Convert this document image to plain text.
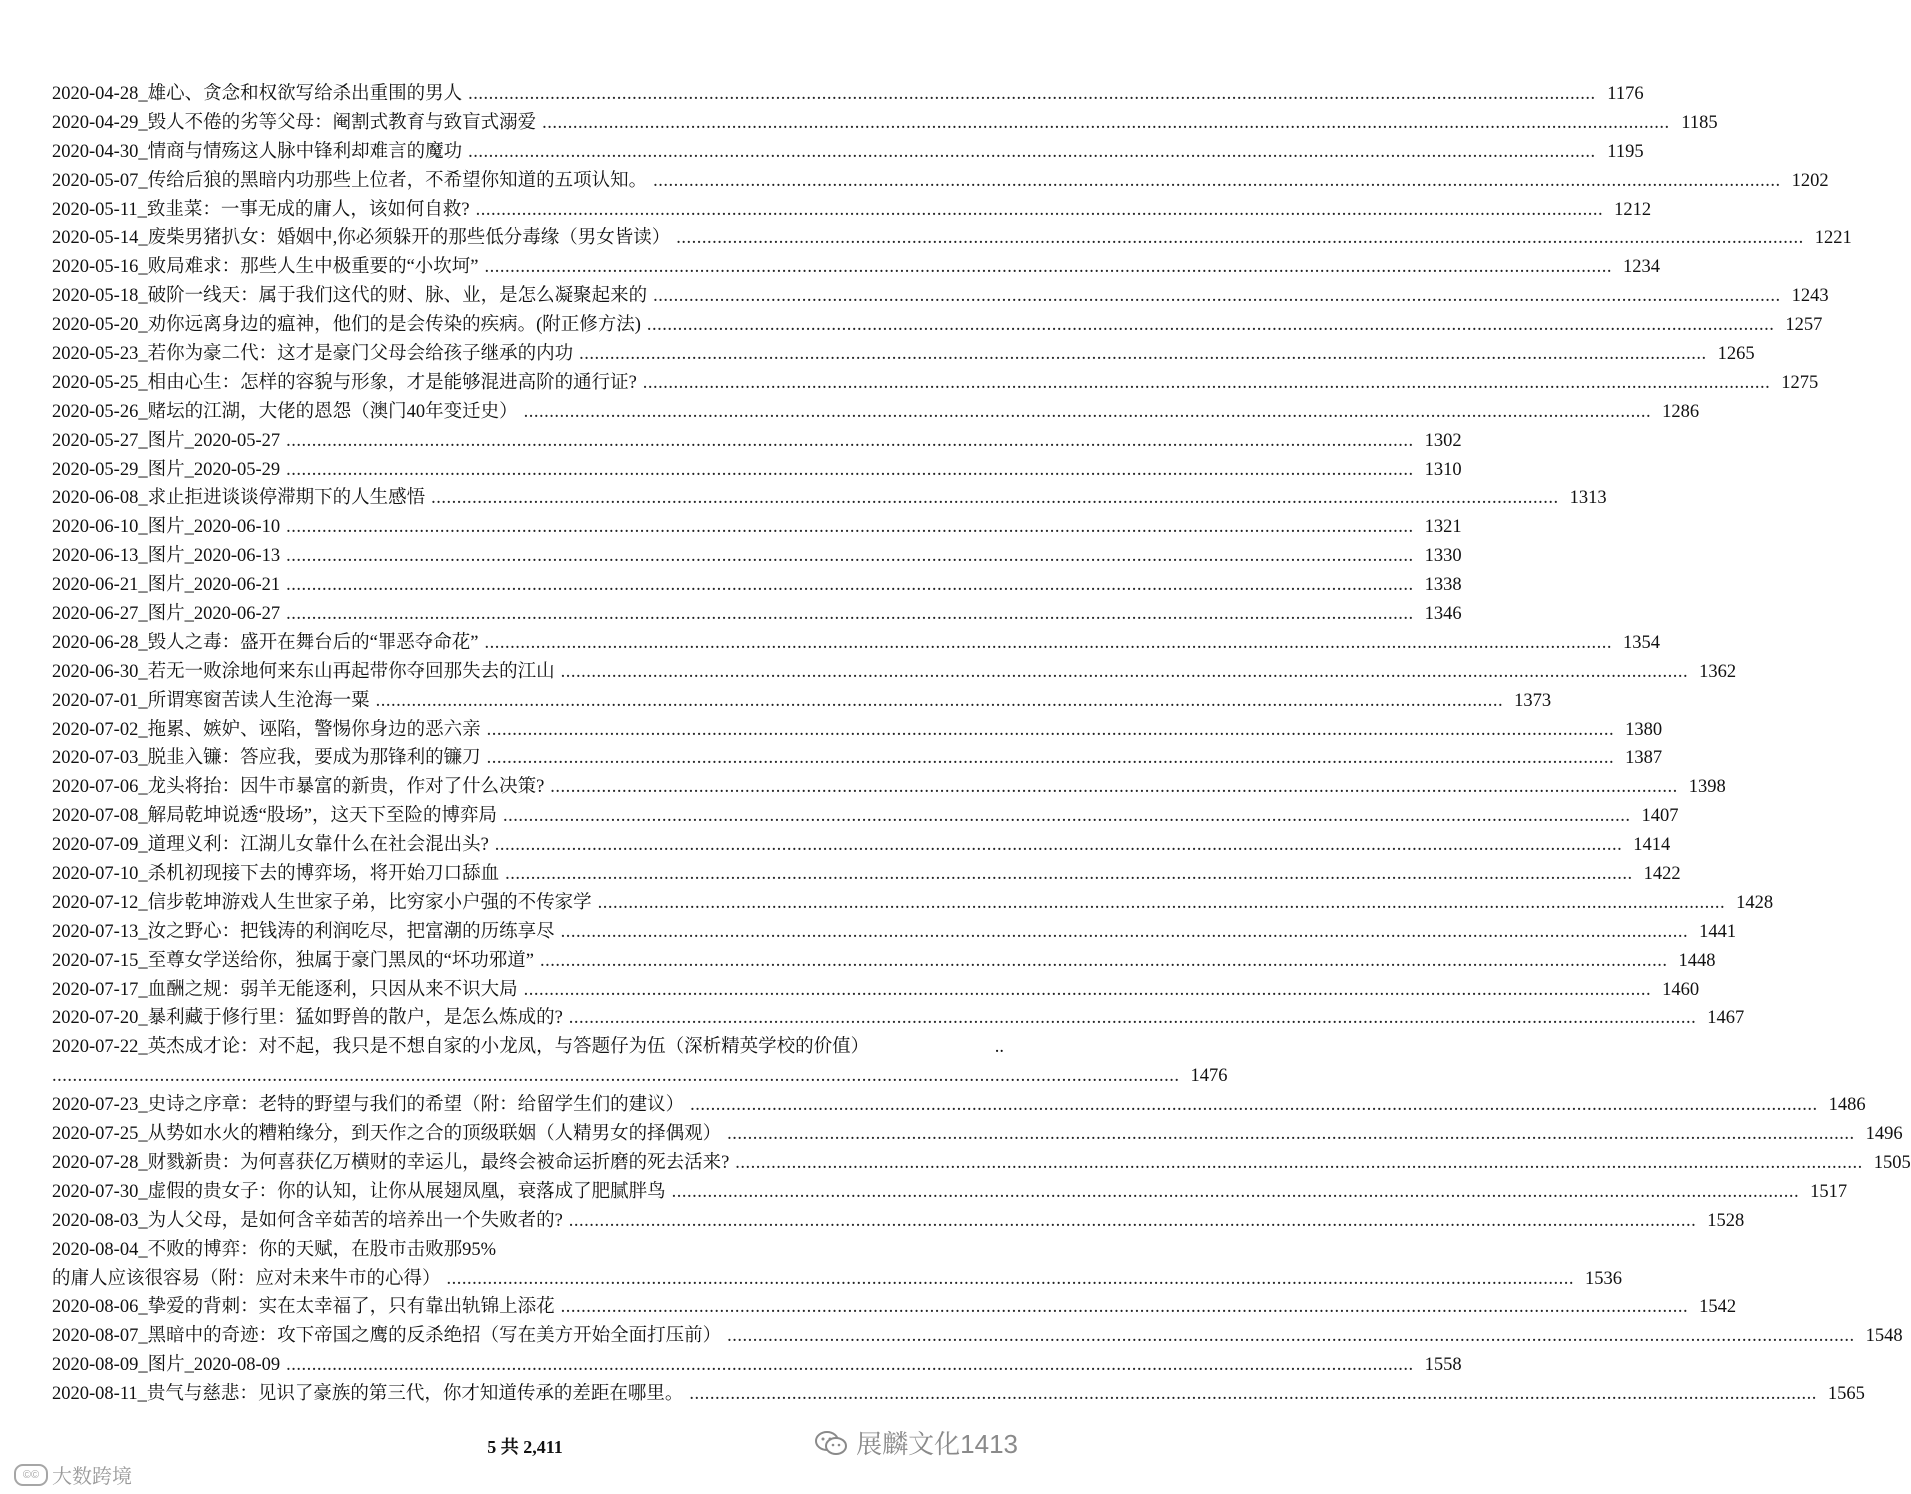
2020-04-28_雄心、贪念和权欲写给杀出重围的男人 ............................................................................................................................................................................................................................ 1176
2020-04-29_毁人不倦的劣等父母：阉割式教育与致盲式溺爱 ............................................................................................................................................................................................................................ 1185
2020-04-30_情商与情殇这人脉中锋利却难言的魔功 ............................................................................................................................................................................................................................ 1195
2020-05-07_传给后狼的黑暗内功那些上位者，不希望你知道的五项认知。 ............................................................................................................................................................................................................................ 1202
2020-05-11_致韭菜：一事无成的庸人，该如何自救? ............................................................................................................................................................................................................................ 1212
2020-05-14_废柴男猪扒女：婚姻中,你必须躲开的那些低分毒缘（男女皆读） ............................................................................................................................................................................................................................ 1221
2020-05-16_败局难求：那些人生中极重要的“小坎坷” ............................................................................................................................................................................................................................ 1234
2020-05-18_破阶一线天：属于我们这代的财、脉、业，是怎么凝聚起来的 ............................................................................................................................................................................................................................ 1243
2020-05-20_劝你远离身边的瘟神，他们的是会传染的疾病。(附正修方法) ............................................................................................................................................................................................................................ 1257
2020-05-23_若你为豪二代：这才是豪门父母会给孩子继承的内功 ............................................................................................................................................................................................................................ 1265
2020-05-25_相由心生：怎样的容貌与形象，才是能够混进高阶的通行证? ............................................................................................................................................................................................................................ 1275
2020-05-26_赌坛的江湖，大佬的恩怨（澳门40年变迁史） ............................................................................................................................................................................................................................ 1286
2020-05-27_图片_2020-05-27 ............................................................................................................................................................................................................................ 1302
2020-05-29_图片_2020-05-29 ............................................................................................................................................................................................................................ 1310
2020-06-08_求止拒进谈谈停滞期下的人生感悟 ............................................................................................................................................................................................................................ 1313
2020-06-10_图片_2020-06-10 ............................................................................................................................................................................................................................ 1321
2020-06-13_图片_2020-06-13 ............................................................................................................................................................................................................................ 1330
2020-06-21_图片_2020-06-21 ............................................................................................................................................................................................................................ 1338
2020-06-27_图片_2020-06-27 ............................................................................................................................................................................................................................ 1346
2020-06-28_毁人之毒：盛开在舞台后的“罪恶夺命花” ............................................................................................................................................................................................................................ 1354
2020-06-30_若无一败涂地何来东山再起带你夺回那失去的江山 ............................................................................................................................................................................................................................ 1362
2020-07-01_所谓寒窗苦读人生沧海一粟 ............................................................................................................................................................................................................................ 1373
2020-07-02_拖累、嫉妒、诬陷，警惕你身边的恶六亲 ............................................................................................................................................................................................................................ 1380
2020-07-03_脱韭入镰：答应我，要成为那锋利的镰刀 ............................................................................................................................................................................................................................ 1387
2020-07-06_龙头将抬：因牛市暴富的新贵，作对了什么决策? ............................................................................................................................................................................................................................ 1398
2020-07-08_解局乾坤说透“股场”，这天下至险的博弈局 ............................................................................................................................................................................................................................ 1407
2020-07-09_道理义利：江湖儿女靠什么在社会混出头? ............................................................................................................................................................................................................................ 1414
2020-07-10_杀机初现接下去的博弈场，将开始刀口舔血 ............................................................................................................................................................................................................................ 1422
2020-07-12_信步乾坤游戏人生世家子弟，比穷家小户强的不传家学 ............................................................................................................................................................................................................................ 1428
2020-07-13_汝之野心：把钱涛的利润吃尽，把富潮的历练享尽 ............................................................................................................................................................................................................................ 1441
2020-07-15_至尊女学送给你，独属于豪门黑凤的“坏功邪道” ............................................................................................................................................................................................................................ 1448
2020-07-17_血酬之规：弱羊无能逐利，只因从来不识大局 ............................................................................................................................................................................................................................ 1460
2020-07-20_暴利藏于修行里：猛如野兽的散户，是怎么炼成的? ............................................................................................................................................................................................................................ 1467
2020-07-22_英杰成才论：对不起，我只是不想自家的小龙凤，与答题仔为伍（深析精英学校的价值）	..
............................................................................................................................................................................................................................ 1476
2020-07-23_史诗之序章：老特的野望与我们的希望（附：给留学生们的建议） ............................................................................................................................................................................................................................ 1486
2020-07-25_从势如水火的糟粕缘分，到天作之合的顶级联姻（人精男女的择偶观） ............................................................................................................................................................................................................................ 1496
2020-07-28_财戮新贵：为何喜获亿万横财的幸运儿，最终会被命运折磨的死去活来? ............................................................................................................................................................................................................................ 1505
2020-07-30_虚假的贵女子：你的认知，让你从展翅凤凰，衰落成了肥腻胖鸟 ............................................................................................................................................................................................................................ 1517
2020-08-03_为人父母，是如何含辛茹苦的培养出一个失败者的? ............................................................................................................................................................................................................................ 1528
2020-08-04_不败的博弈：你的天赋，在股市击败那95%
的庸人应该很容易（附：应对未来牛市的心得） ............................................................................................................................................................................................................................ 1536
2020-08-06_挚爱的背刺：实在太幸福了，只有靠出轨锦上添花 ............................................................................................................................................................................................................................ 1542
2020-08-07_黑暗中的奇迹：攻下帝国之鹰的反杀绝招（写在美方开始全面打压前） ............................................................................................................................................................................................................................ 1548
2020-08-09_图片_2020-08-09 ............................................................................................................................................................................................................................ 1558
2020-08-11_贵气与慈悲：见识了豪族的第三代，你才知道传承的差距在哪里。 ............................................................................................................................................................................................................................ 1565
5 共 2,411
©© 大数跨境
展麟文化1413
